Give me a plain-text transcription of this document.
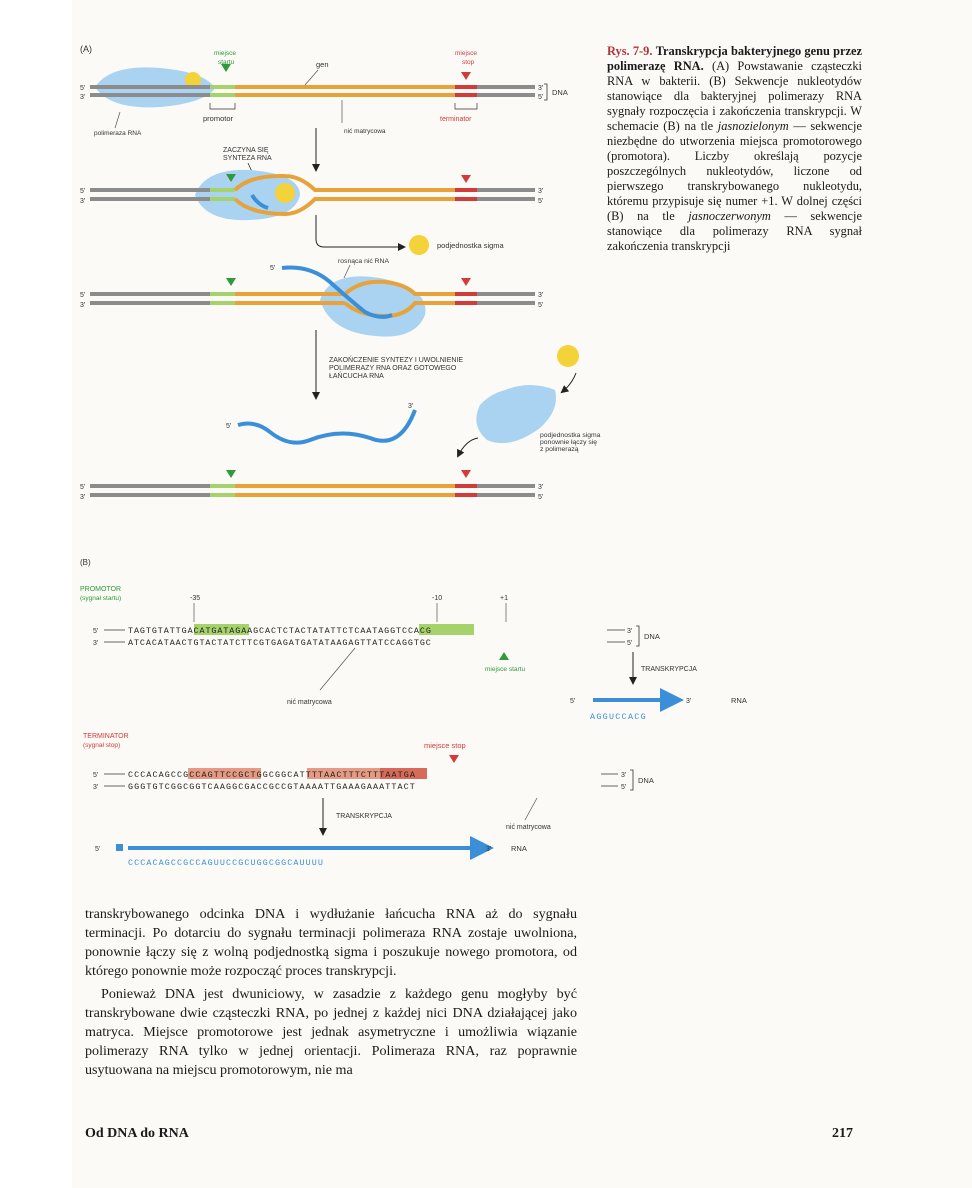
(A)
5'
3'
3'
5'
DNA
gen
miejsce
stop
miejsce
startu
promotor	terminator
nić matrycowa
polimeraza RNA
ZACZYNA SIĘ
SYNTEZA RNA
5'
3'
3'
5'
podjednostka sigma
rosnąca nić RNA
5'
5'
3'
3'
5'
ZAKOŃCZENIE SYNTEZY I UWOLNIENIE
POLIMERAZY RNA ORAZ GOTOWEGO
ŁAŃCUCHA RNA
podjednostka sigma
ponownie łączy się
z polimerazą
5'
3'
5'
3'
3'
5'
(B)
PROMOTOR
(sygnał startu)	-35	-10	+1
5'
3'
TAGTGTATTGACATGATAGAAGCACTCTACTATATTCTCAATAGGTCCACG
ATCACATAACTGTACTATCTTCGTGAGATGATATAAGAGTTATCCAGGTGC
3'
5'
DNA
miejsce startu
nić matrycowa
TRANSKRYPCJA
5'	3'	RNA
AGGUCCACG
TERMINATOR
(sygnał stop)	miejsce stop
5'
3'
CCCACAGCCGCCAGTTCCGCTGGCGGCATTTTAACTTTCTTTAATGA
GGGTGTCGGCGGTCAAGGCGACCGCCGTAAAATTGAAAGAAATTACT
3'
5'
DNA
TRANSKRYPCJA
nić matrycowa
5'	3'	RNA
CCCACAGCCGCCAGUUCCGCUGGCGGCAUUUU
Rys. 7-9. Transkrypcja bakteryjnego genu przez polimerazę RNA. (A) Powstawanie cząsteczki RNA w bakterii. (B) Sekwencje nukleotydów stanowiące dla bakteryjnej polimerazy RNA sygnały rozpoczęcia i zakończenia transkrypcji. W schemacie (B) na tle jasnozielonym — sekwencje niezbędne do utworzenia miejsca promotorowego (promotora). Liczby określają pozycje poszczególnych nukleotydów, liczone od pierwszego transkrybowanego nukleotydu, któremu przypisuje się numer +1. W dolnej części (B) na tle jasnoczerwonym — sekwencje stanowiące dla polimerazy RNA sygnał zakończenia transkrypcji

transkrybowanego odcinka DNA i wydłużanie łańcucha RNA aż do sygnału terminacji. Po dotarciu do sygnału terminacji polimeraza RNA zostaje uwolniona, ponownie łączy się z wolną podjednostką sigma i poszukuje nowego promotora, od którego ponownie może rozpocząć proces transkrypcji.

Ponieważ DNA jest dwuniciowy, w zasadzie z każdego genu mogłyby być transkrybowane dwie cząsteczki RNA, po jednej z każdej nici DNA działającej jako matryca. Miejsce promotorowe jest jednak asymetryczne i umożliwia wiązanie polimerazy RNA tylko w jednej orientacji. Polimeraza RNA, raz poprawnie usytuowana na miejscu promotorowym, nie ma

Od DNA do RNA	217
